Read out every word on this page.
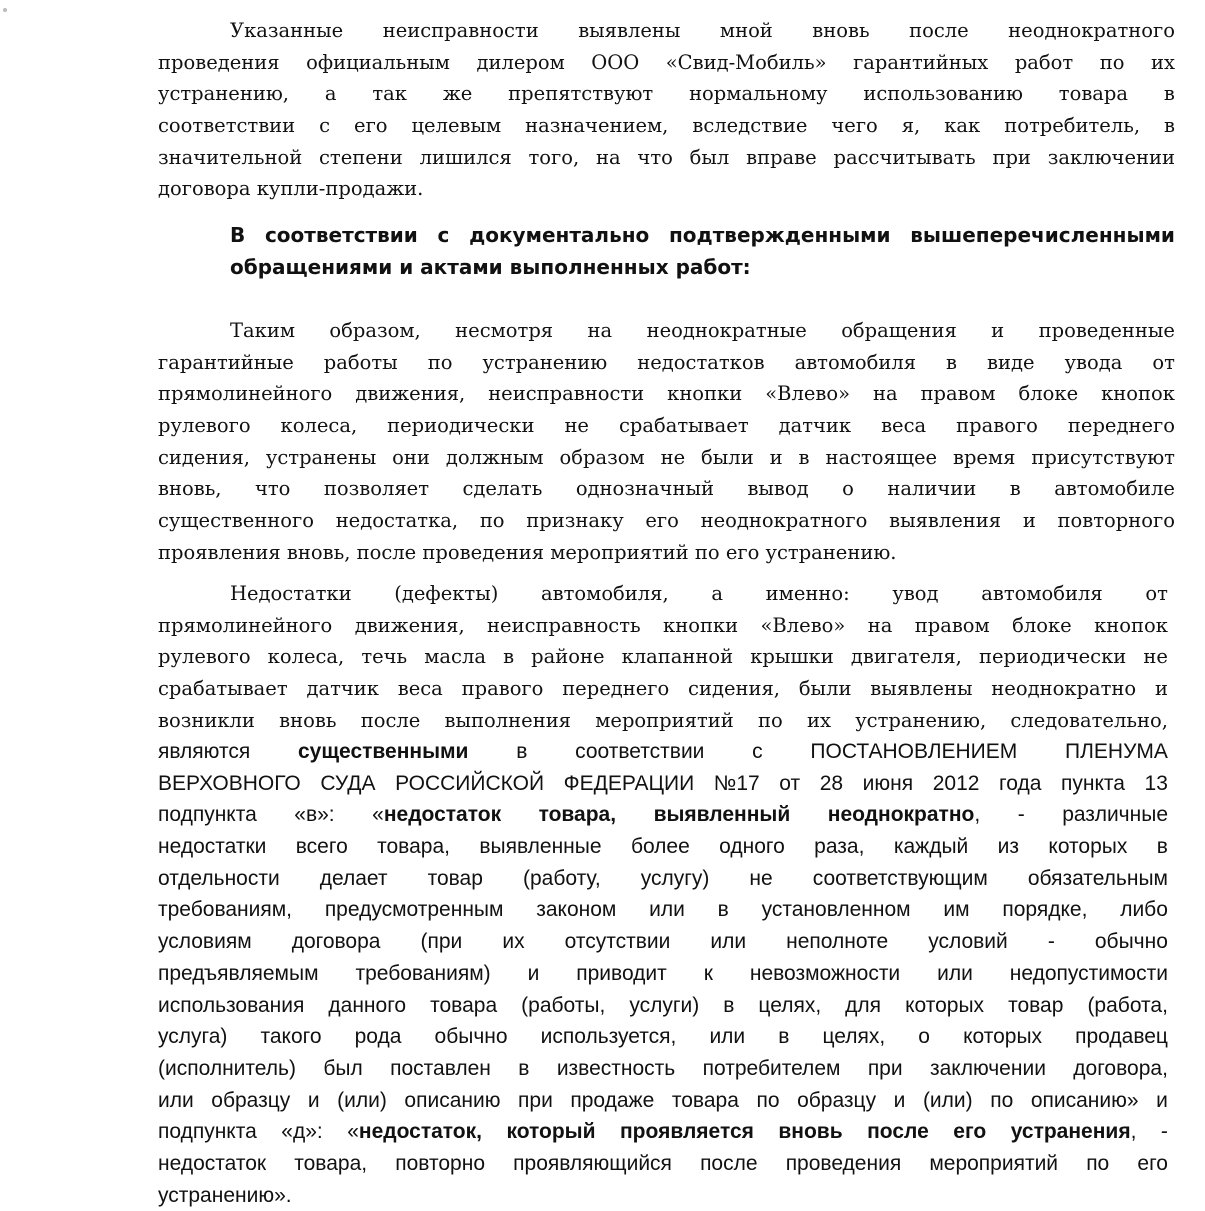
Указанные неисправности выявлены мной вновь после неоднократного
проведения официальным дилером ООО «Свид-Мобиль» гарантийных работ по их
устранению, а так же препятствуют нормальному использованию товара в
соответствии с его целевым назначением, вследствие чего я, как потребитель, в
значительной степени лишился того, на что был вправе рассчитывать при заключении
договора купли-продажи.
В соответствии с документально подтвержденными вышеперечисленными
обращениями и актами выполненных работ:
Таким образом, несмотря на неоднократные обращения и проведенные
гарантийные работы по устранению недостатков автомобиля в виде увода от
прямолинейного движения, неисправности кнопки «Влево» на правом блоке кнопок
рулевого колеса, периодически не срабатывает датчик веса правого переднего
сидения, устранены они должным образом не были и в настоящее время присутствуют
вновь, что позволяет сделать однозначный вывод о наличии в автомобиле
существенного недостатка, по признаку его неоднократного выявления и повторного
проявления вновь, после проведения мероприятий по его устранению.
Недостатки (дефекты) автомобиля, а именно: увод автомобиля от
прямолинейного движения, неисправность кнопки «Влево» на правом блоке кнопок
рулевого колеса, течь масла в районе клапанной крышки двигателя, периодически не
срабатывает датчик веса правого переднего сидения, были выявлены неоднократно и
возникли вновь после выполнения мероприятий по их устранению, следовательно,
являются существенными в соответствии с ПОСТАНОВЛЕНИЕМ ПЛЕНУМА
ВЕРХОВНОГО СУДА РОССИЙСКОЙ ФЕДЕРАЦИИ №17 от 28 июня 2012 года пункта 13
подпункта «в»: «недостаток товара, выявленный неоднократно, - различные
недостатки всего товара, выявленные более одного раза, каждый из которых в
отдельности делает товар (работу, услугу) не соответствующим обязательным
требованиям, предусмотренным законом или в установленном им порядке, либо
условиям договора (при их отсутствии или неполноте условий - обычно
предъявляемым требованиям) и приводит к невозможности или недопустимости
использования данного товара (работы, услуги) в целях, для которых товар (работа,
услуга) такого рода обычно используется, или в целях, о которых продавец
(исполнитель) был поставлен в известность потребителем при заключении договора,
или образцу и (или) описанию при продаже товара по образцу и (или) по описанию» и
подпункта «д»: «недостаток, который проявляется вновь после его устранения, -
недостаток товара, повторно проявляющийся после проведения мероприятий по его
устранению».
